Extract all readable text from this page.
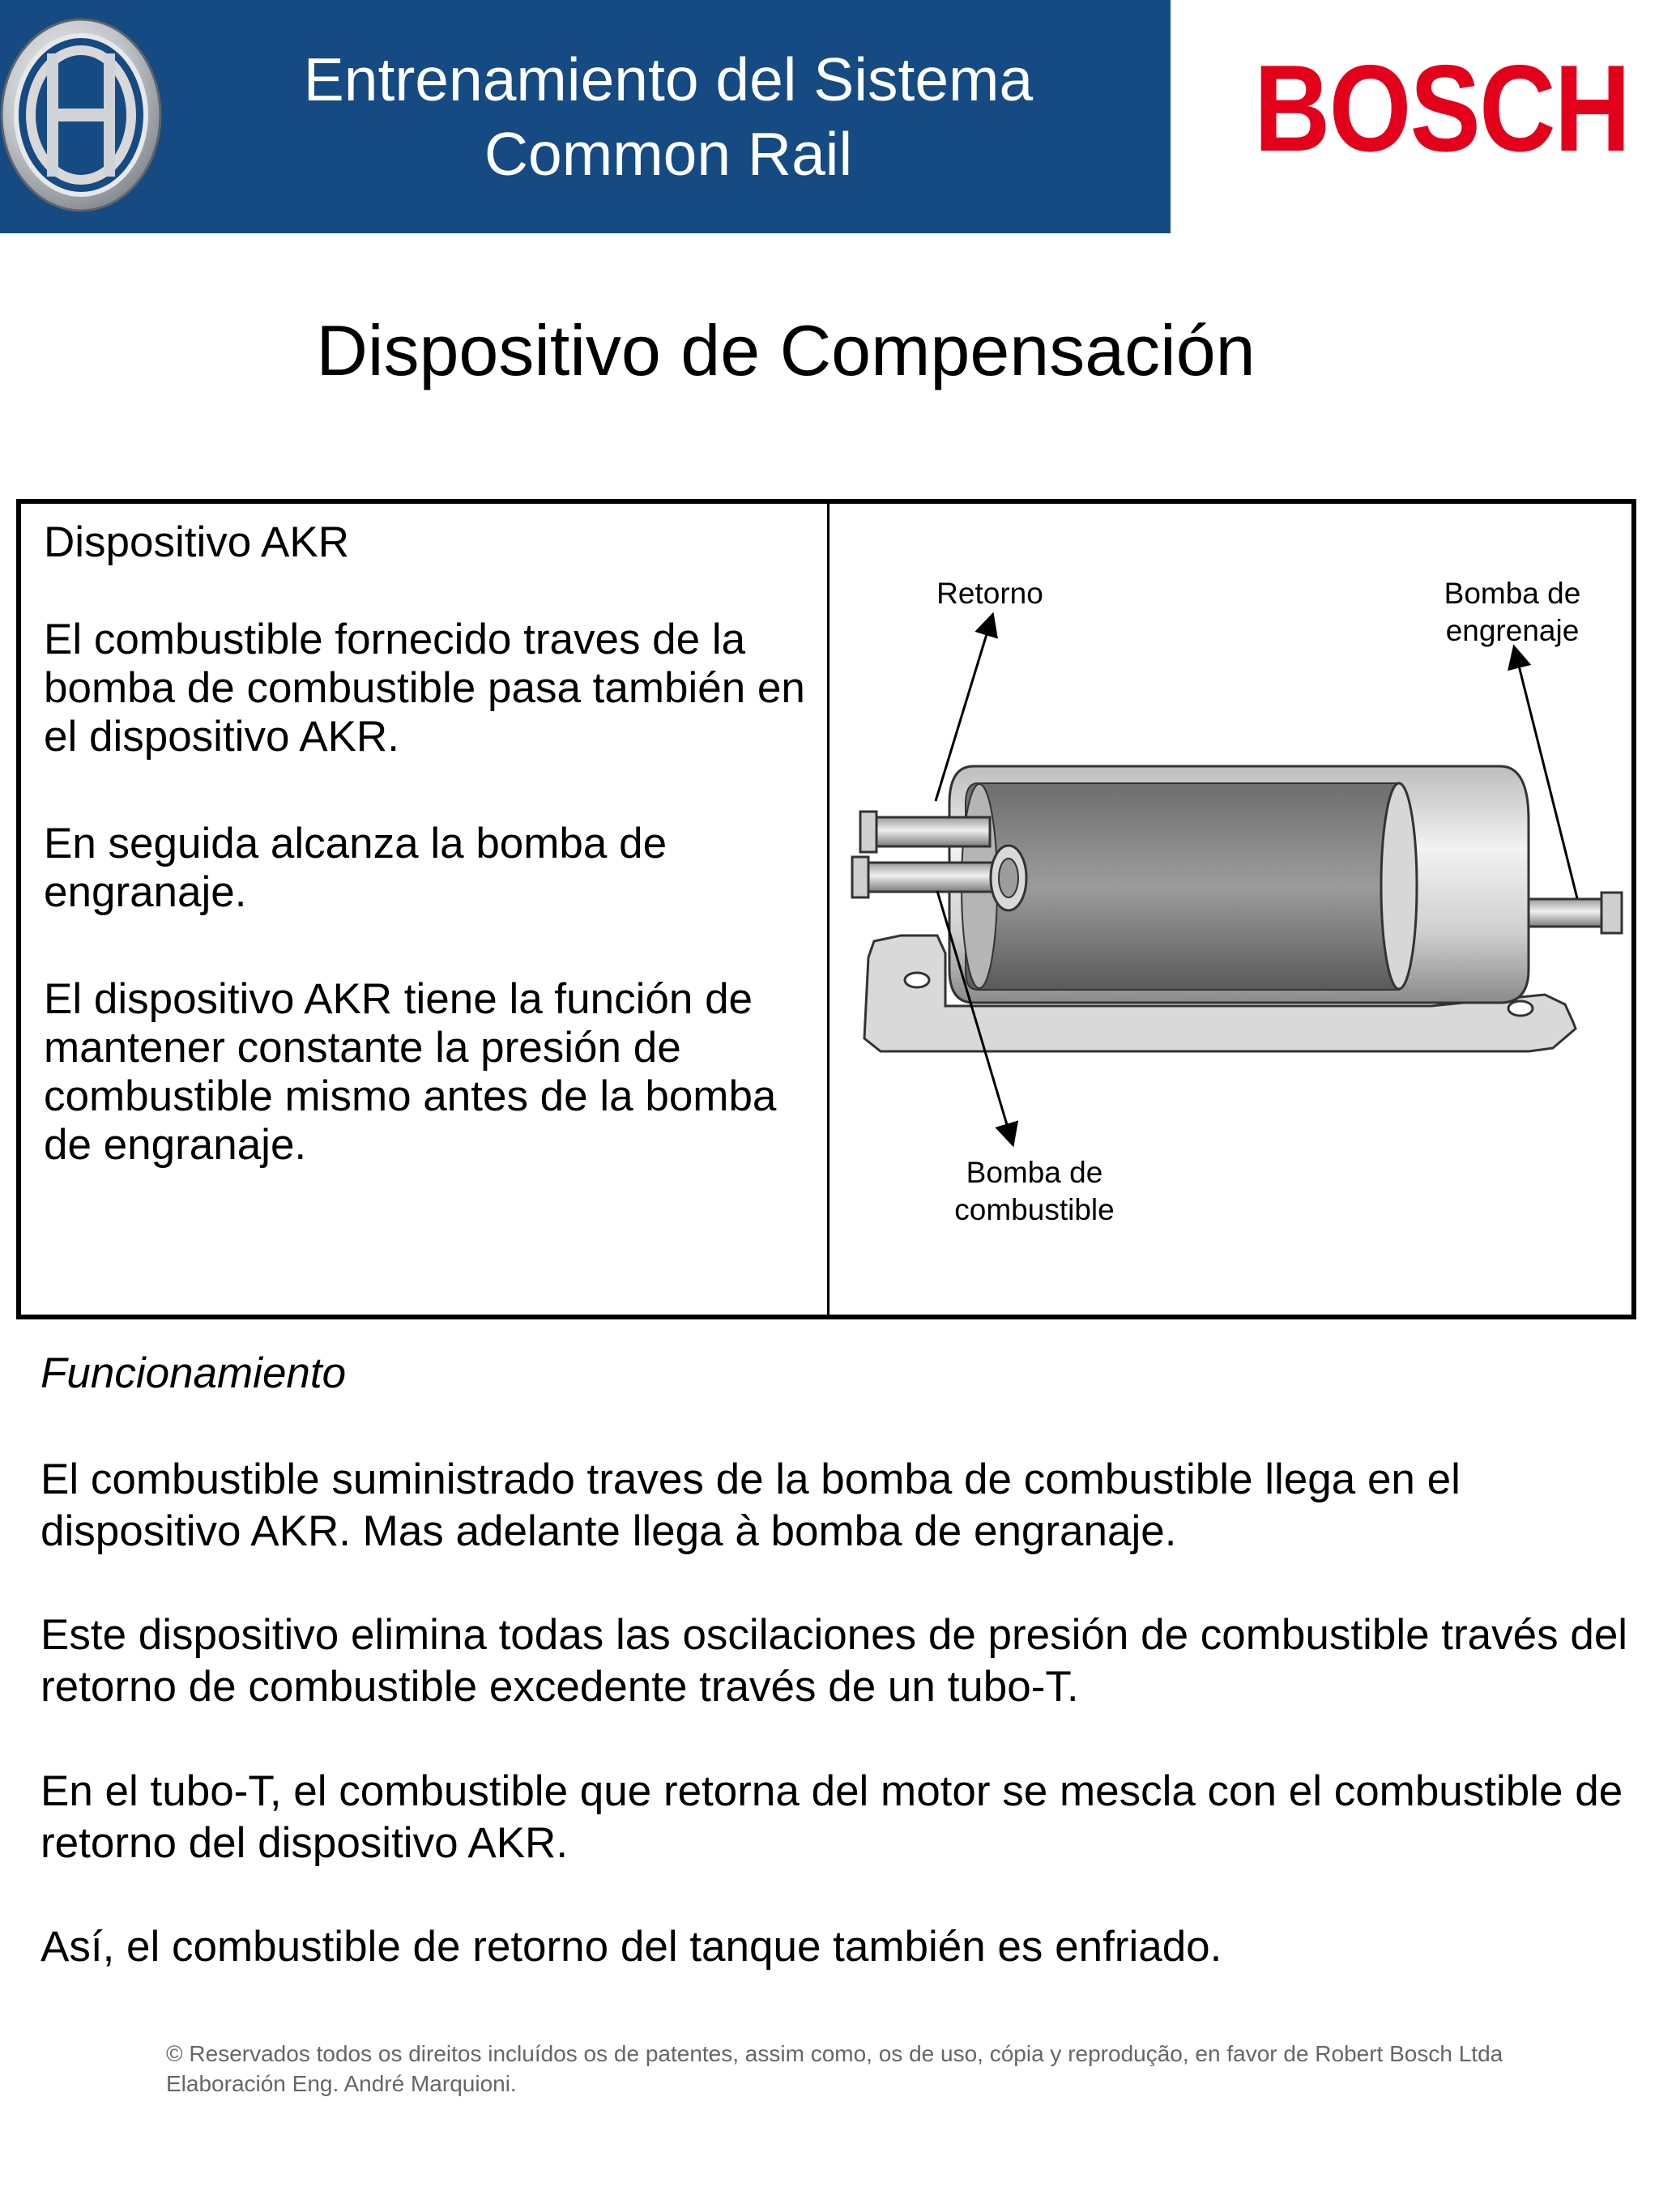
Entrenamiento del Sistema
Common Rail	BOSCH
Dispositivo de Compensación

Dispositivo AKR

El combustible fornecido traves de la bomba de combustible pasa también en el dispositivo AKR.

En seguida alcanza la bomba de engranaje.

El dispositivo AKR tiene la función de mantener constante la presión de combustible mismo antes de la bomba de engranaje.

Retorno	Bomba de
engrenaje
Bomba de
combustible
Funcionamiento

El combustible suministrado traves de la bomba de combustible llega en el dispositivo AKR. Mas adelante llega à bomba de engranaje.

Este dispositivo elimina todas las oscilaciones de presión de combustible través del retorno de combustible excedente través de un tubo-T.

En el tubo-T, el combustible que retorna del motor se mescla con el combustible de retorno del dispositivo AKR.

Así, el combustible de retorno del tanque también es enfriado.

© Reservados todos os direitos incluídos os de patentes, assim como, os de uso, cópia y reprodução, en favor de Robert Bosch Ltda Elaboración Eng. André Marquioni.
